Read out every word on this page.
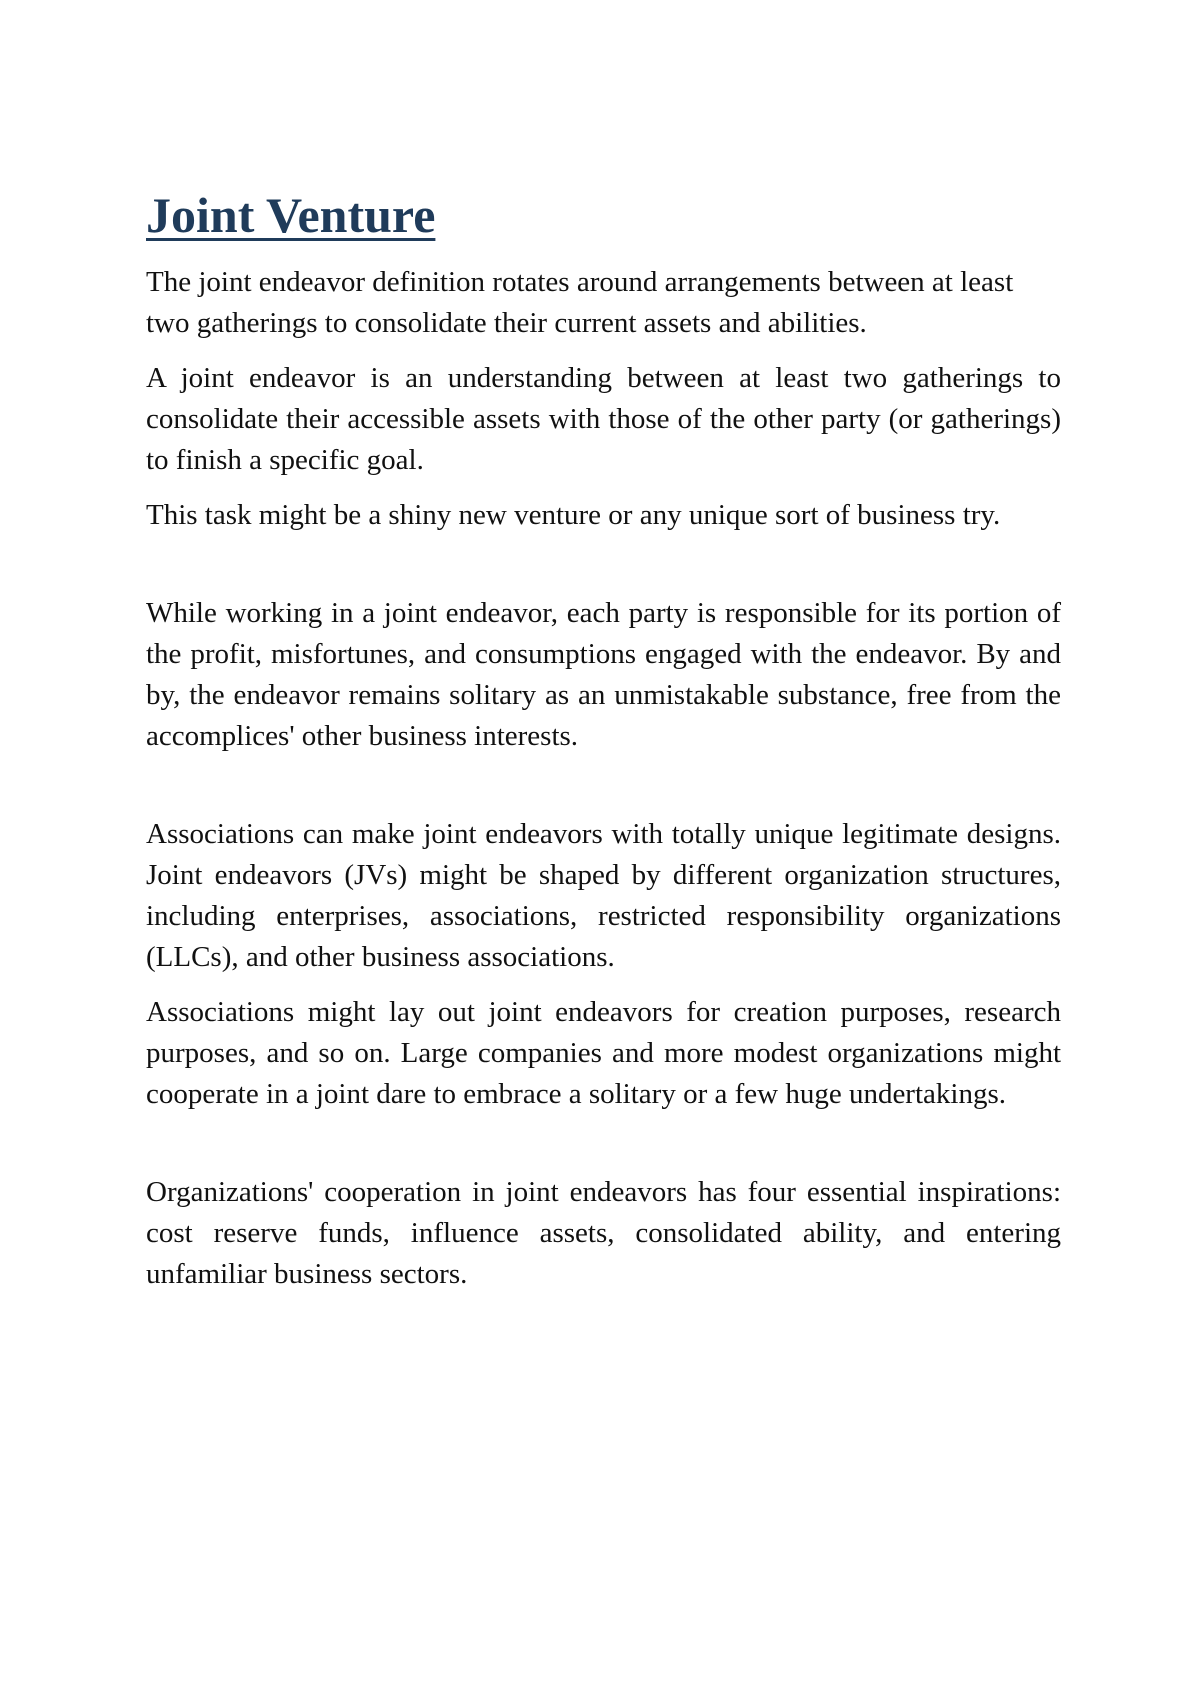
Joint Venture

The joint endeavor definition rotates around arrangements between at least two gatherings to consolidate their current assets and abilities.

A joint endeavor is an understanding between at least two gatherings to consolidate their accessible assets with those of the other party (or gatherings) to finish a specific goal.

This task might be a shiny new venture or any unique sort of business try.

While working in a joint endeavor, each party is responsible for its portion of the profit, misfortunes, and consumptions engaged with the endeavor. By and by, the endeavor remains solitary as an unmistakable substance, free from the accomplices' other business interests.

Associations can make joint endeavors with totally unique legitimate designs. Joint endeavors (JVs) might be shaped by different organization structures, including enterprises, associations, restricted responsibility organizations (LLCs), and other business associations.

Associations might lay out joint endeavors for creation purposes, research purposes, and so on. Large companies and more modest organizations might cooperate in a joint dare to embrace a solitary or a few huge undertakings.

Organizations' cooperation in joint endeavors has four essential inspirations: cost reserve funds, influence assets, consolidated ability, and entering unfamiliar business sectors.
